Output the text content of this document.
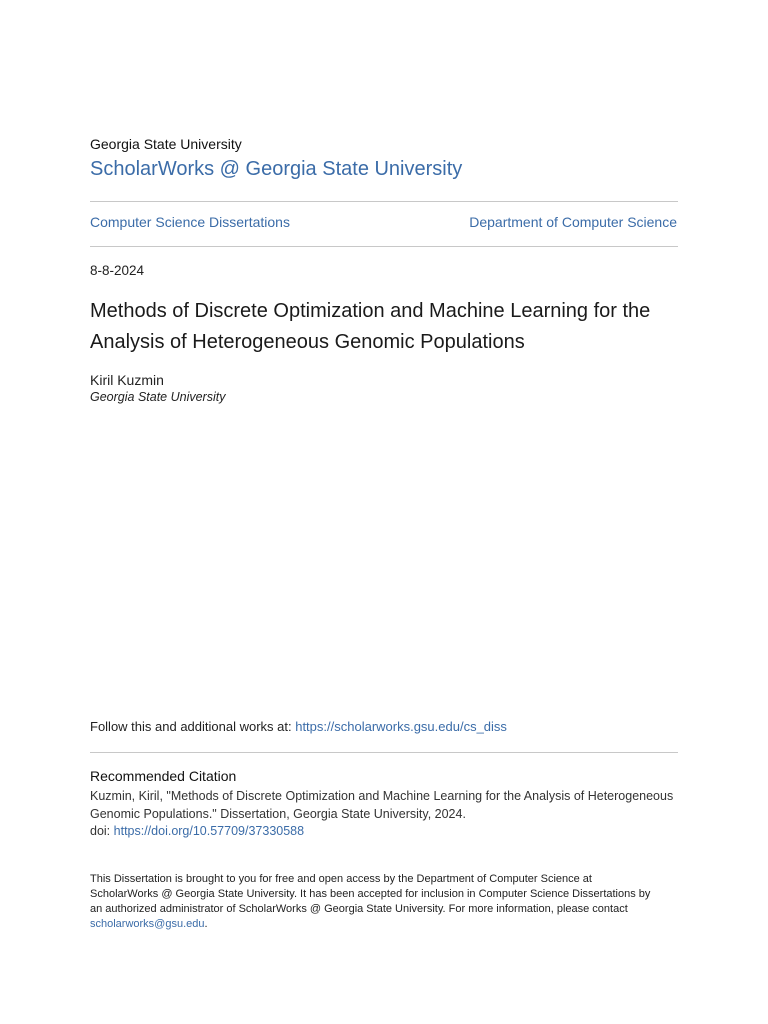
Georgia State University
ScholarWorks @ Georgia State University
Computer Science Dissertations	Department of Computer Science
8-8-2024
Methods of Discrete Optimization and Machine Learning for the
Analysis of Heterogeneous Genomic Populations
Kiril Kuzmin
Georgia State University
Follow this and additional works at: https://scholarworks.gsu.edu/cs_diss
Recommended Citation
Kuzmin, Kiril, "Methods of Discrete Optimization and Machine Learning for the Analysis of Heterogeneous
Genomic Populations." Dissertation, Georgia State University, 2024.
doi: https://doi.org/10.57709/37330588
This Dissertation is brought to you for free and open access by the Department of Computer Science at
ScholarWorks @ Georgia State University. It has been accepted for inclusion in Computer Science Dissertations by
an authorized administrator of ScholarWorks @ Georgia State University. For more information, please contact
scholarworks@gsu.edu.
